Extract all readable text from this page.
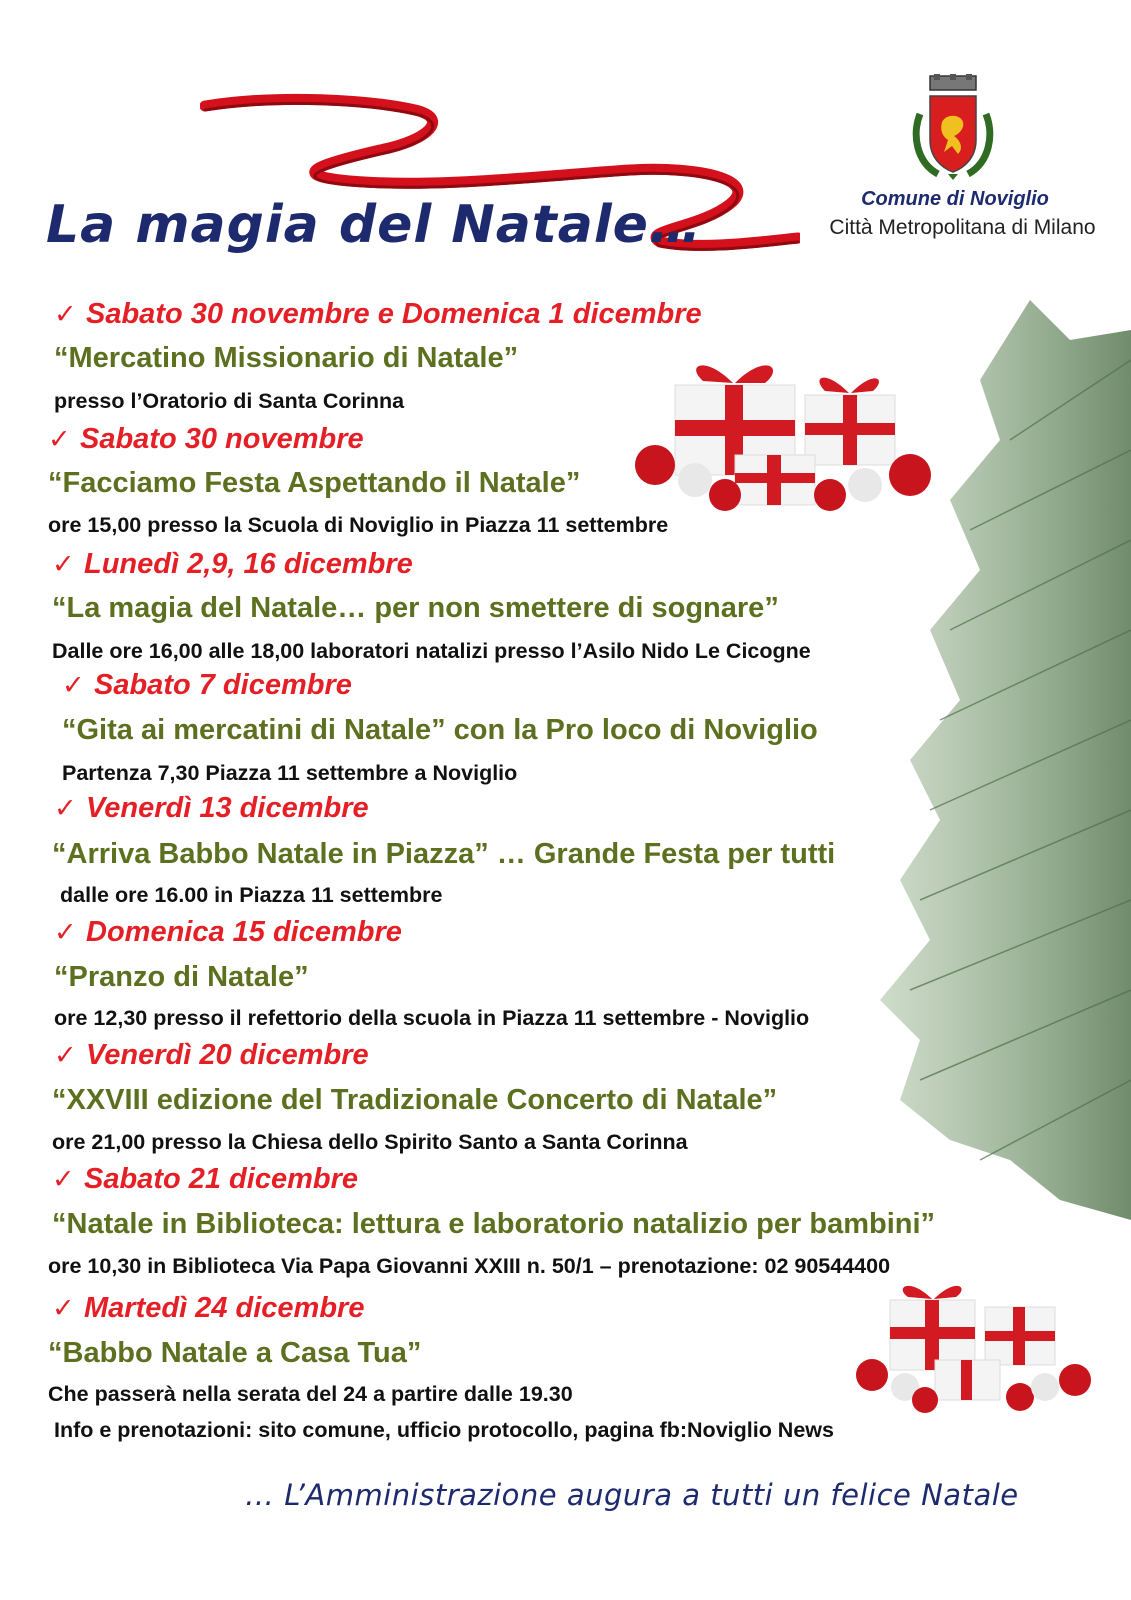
La magia del Natale…	Comune di Noviglio
Città Metropolitana di Milano
✓ Sabato 30 novembre e Domenica 1 dicembre
“Mercatino Missionario di Natale”
presso l’Oratorio di Santa Corinna
✓ Sabato 30 novembre
“Facciamo Festa Aspettando il Natale”
ore 15,00 presso la Scuola di Noviglio in Piazza 11 settembre
✓ Lunedì 2,9, 16 dicembre
“La magia del Natale… per non smettere di sognare”
Dalle ore 16,00 alle 18,00 laboratori natalizi presso l’Asilo Nido Le Cicogne
✓ Sabato 7 dicembre
“Gita ai mercatini di Natale” con la Pro loco di Noviglio
Partenza 7,30 Piazza 11 settembre a Noviglio
✓ Venerdì 13 dicembre
“Arriva Babbo Natale in Piazza” … Grande Festa per tutti
dalle ore 16.00 in Piazza 11 settembre
✓ Domenica 15 dicembre
“Pranzo di Natale”
ore 12,30 presso il refettorio della scuola in Piazza 11 settembre - Noviglio
✓ Venerdì 20 dicembre
“XXVIII edizione del Tradizionale Concerto di Natale”
ore 21,00 presso la Chiesa dello Spirito Santo a Santa Corinna
✓ Sabato 21 dicembre
“Natale in Biblioteca: lettura e laboratorio natalizio per bambini”
ore 10,30 in Biblioteca Via Papa Giovanni XXIII n. 50/1 – prenotazione: 02 90544400
✓ Martedì 24 dicembre
“Babbo Natale a Casa Tua”
Che passerà nella serata del 24 a partire dalle 19.30
Info e prenotazioni: sito comune, ufficio protocollo, pagina fb:Noviglio News
… L’Amministrazione augura a tutti un felice Natale
